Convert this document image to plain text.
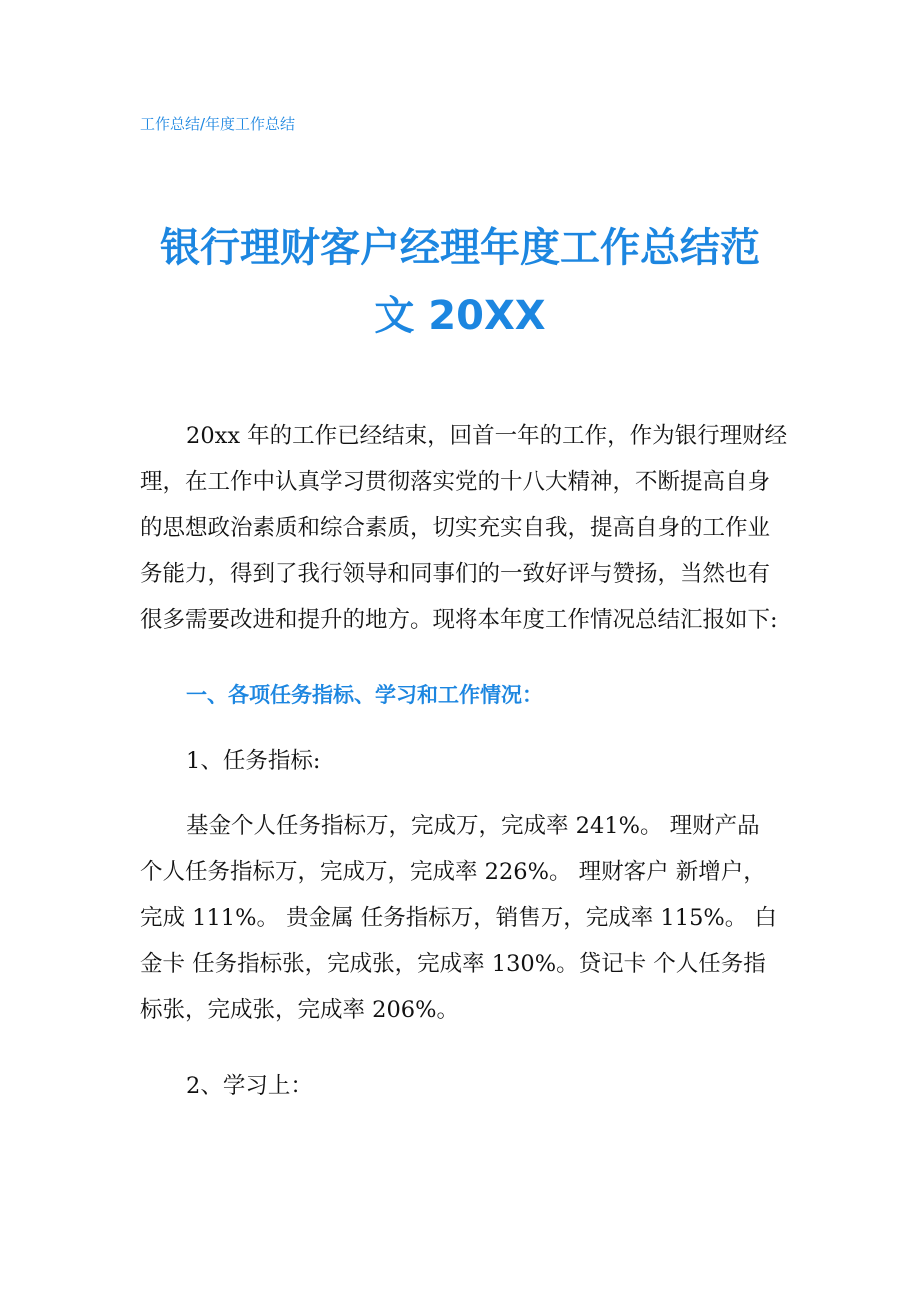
工作总结/年度工作总结
银行理财客户经理年度工作总结范
文 20XX
20xx 年的工作已经结束，回首一年的工作，作为银行理财经
理，在工作中认真学习贯彻落实党的十八大精神，不断提高自身
的思想政治素质和综合素质，切实充实自我，提高自身的工作业
务能力，得到了我行领导和同事们的一致好评与赞扬，当然也有
很多需要改进和提升的地方。现将本年度工作情况总结汇报如下:
一、各项任务指标、学习和工作情况：
1、任务指标:
基金个人任务指标万，完成万，完成率 241%。 理财产品
个人任务指标万，完成万，完成率 226%。 理财客户 新增户，
完成 111%。 贵金属 任务指标万，销售万，完成率 115%。 白
金卡 任务指标张，完成张，完成率 130%。贷记卡 个人任务指
标张，完成张，完成率 206%。
2、学习上：
